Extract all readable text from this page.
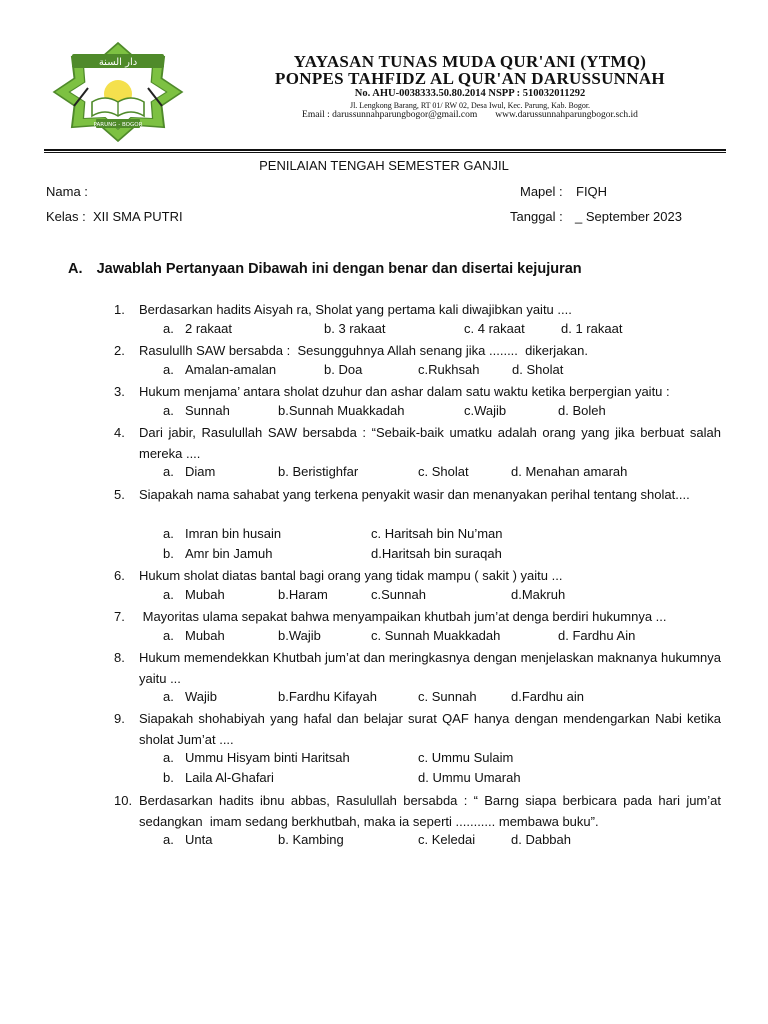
دار السنة
PARUNG - BOGOR
YAYASAN TUNAS MUDA QUR'ANI (YTMQ)
PONPES TAHFIDZ AL QUR'AN DARUSSUNNAH
No. AHU-0038333.50.80.2014 NSPP : 510032011292
Jl. Lengkong Barang, RT 01/ RW 02, Desa Iwul, Kec. Parung, Kab. Bogor.
Email : darussunnahparungbogor@gmail.com www.darussunnahparungbogor.sch.id
PENILAIAN TENGAH SEMESTER GANJIL
Nama :	Mapel : FIQH
Kelas : XII SMA PUTRI	Tanggal : _ September 2023
A. Jawablah Pertanyaan Dibawah ini dengan benar dan disertai kejujuran
1.	Berdasarkan hadits Aisyah ra, Sholat yang pertama kali diwajibkan yaitu ....
a. 2 rakaat	b. 3 rakaat	c. 4 rakaat	d. 1 rakaat
2.	Rasulullh SAW bersabda :  Sesungguhnya Allah senang jika ........  dikerjakan.
a. Amalan-amalan	b. Doa	c.Rukhsah	d. Sholat
3.	Hukum menjama’ antara sholat dzuhur dan ashar dalam satu waktu ketika berpergian yaitu :
a. Sunnah	b.Sunnah Muakkadah	c.Wajib	d. Boleh
4.	Dari jabir, Rasulullah SAW bersabda : “Sebaik-baik umatku adalah orang yang jika berbuat salah mereka ....
a. Diam	b. Beristighfar	c. Sholat	d. Menahan amarah
5.	Siapakah nama sahabat yang terkena penyakit wasir dan menanyakan perihal tentang sholat....
a. Imran bin husain	c. Haritsah bin Nu’man
b. Amr bin Jamuh	d.Haritsah bin suraqah
6.	Hukum sholat diatas bantal bagi orang yang tidak mampu ( sakit ) yaitu ...
a. Mubah	b.Haram	c.Sunnah	d.Makruh
7.	Mayoritas ulama sepakat bahwa menyampaikan khutbah jum’at denga berdiri hukumnya ...
a. Mubah	b.Wajib	c. Sunnah Muakkadah	d. Fardhu Ain
8.	Hukum memendekkan Khutbah jum’at dan meringkasnya dengan menjelaskan maknanya hukumnya yaitu ...
a. Wajib	b.Fardhu Kifayah	c. Sunnah	d.Fardhu ain
9.	Siapakah shohabiyah yang hafal dan belajar surat QAF hanya dengan mendengarkan Nabi ketika sholat Jum’at ....
a. Ummu Hisyam binti Haritsah	c. Ummu Sulaim
b. Laila Al-Ghafari	d. Ummu Umarah
10. Berdasarkan hadits ibnu abbas, Rasulullah bersabda : “ Barng siapa berbicara pada hari jum’at sedangkan  imam sedang berkhutbah, maka ia seperti ........... membawa buku”.
a. Unta	b. Kambing	c. Keledai	d. Dabbah
